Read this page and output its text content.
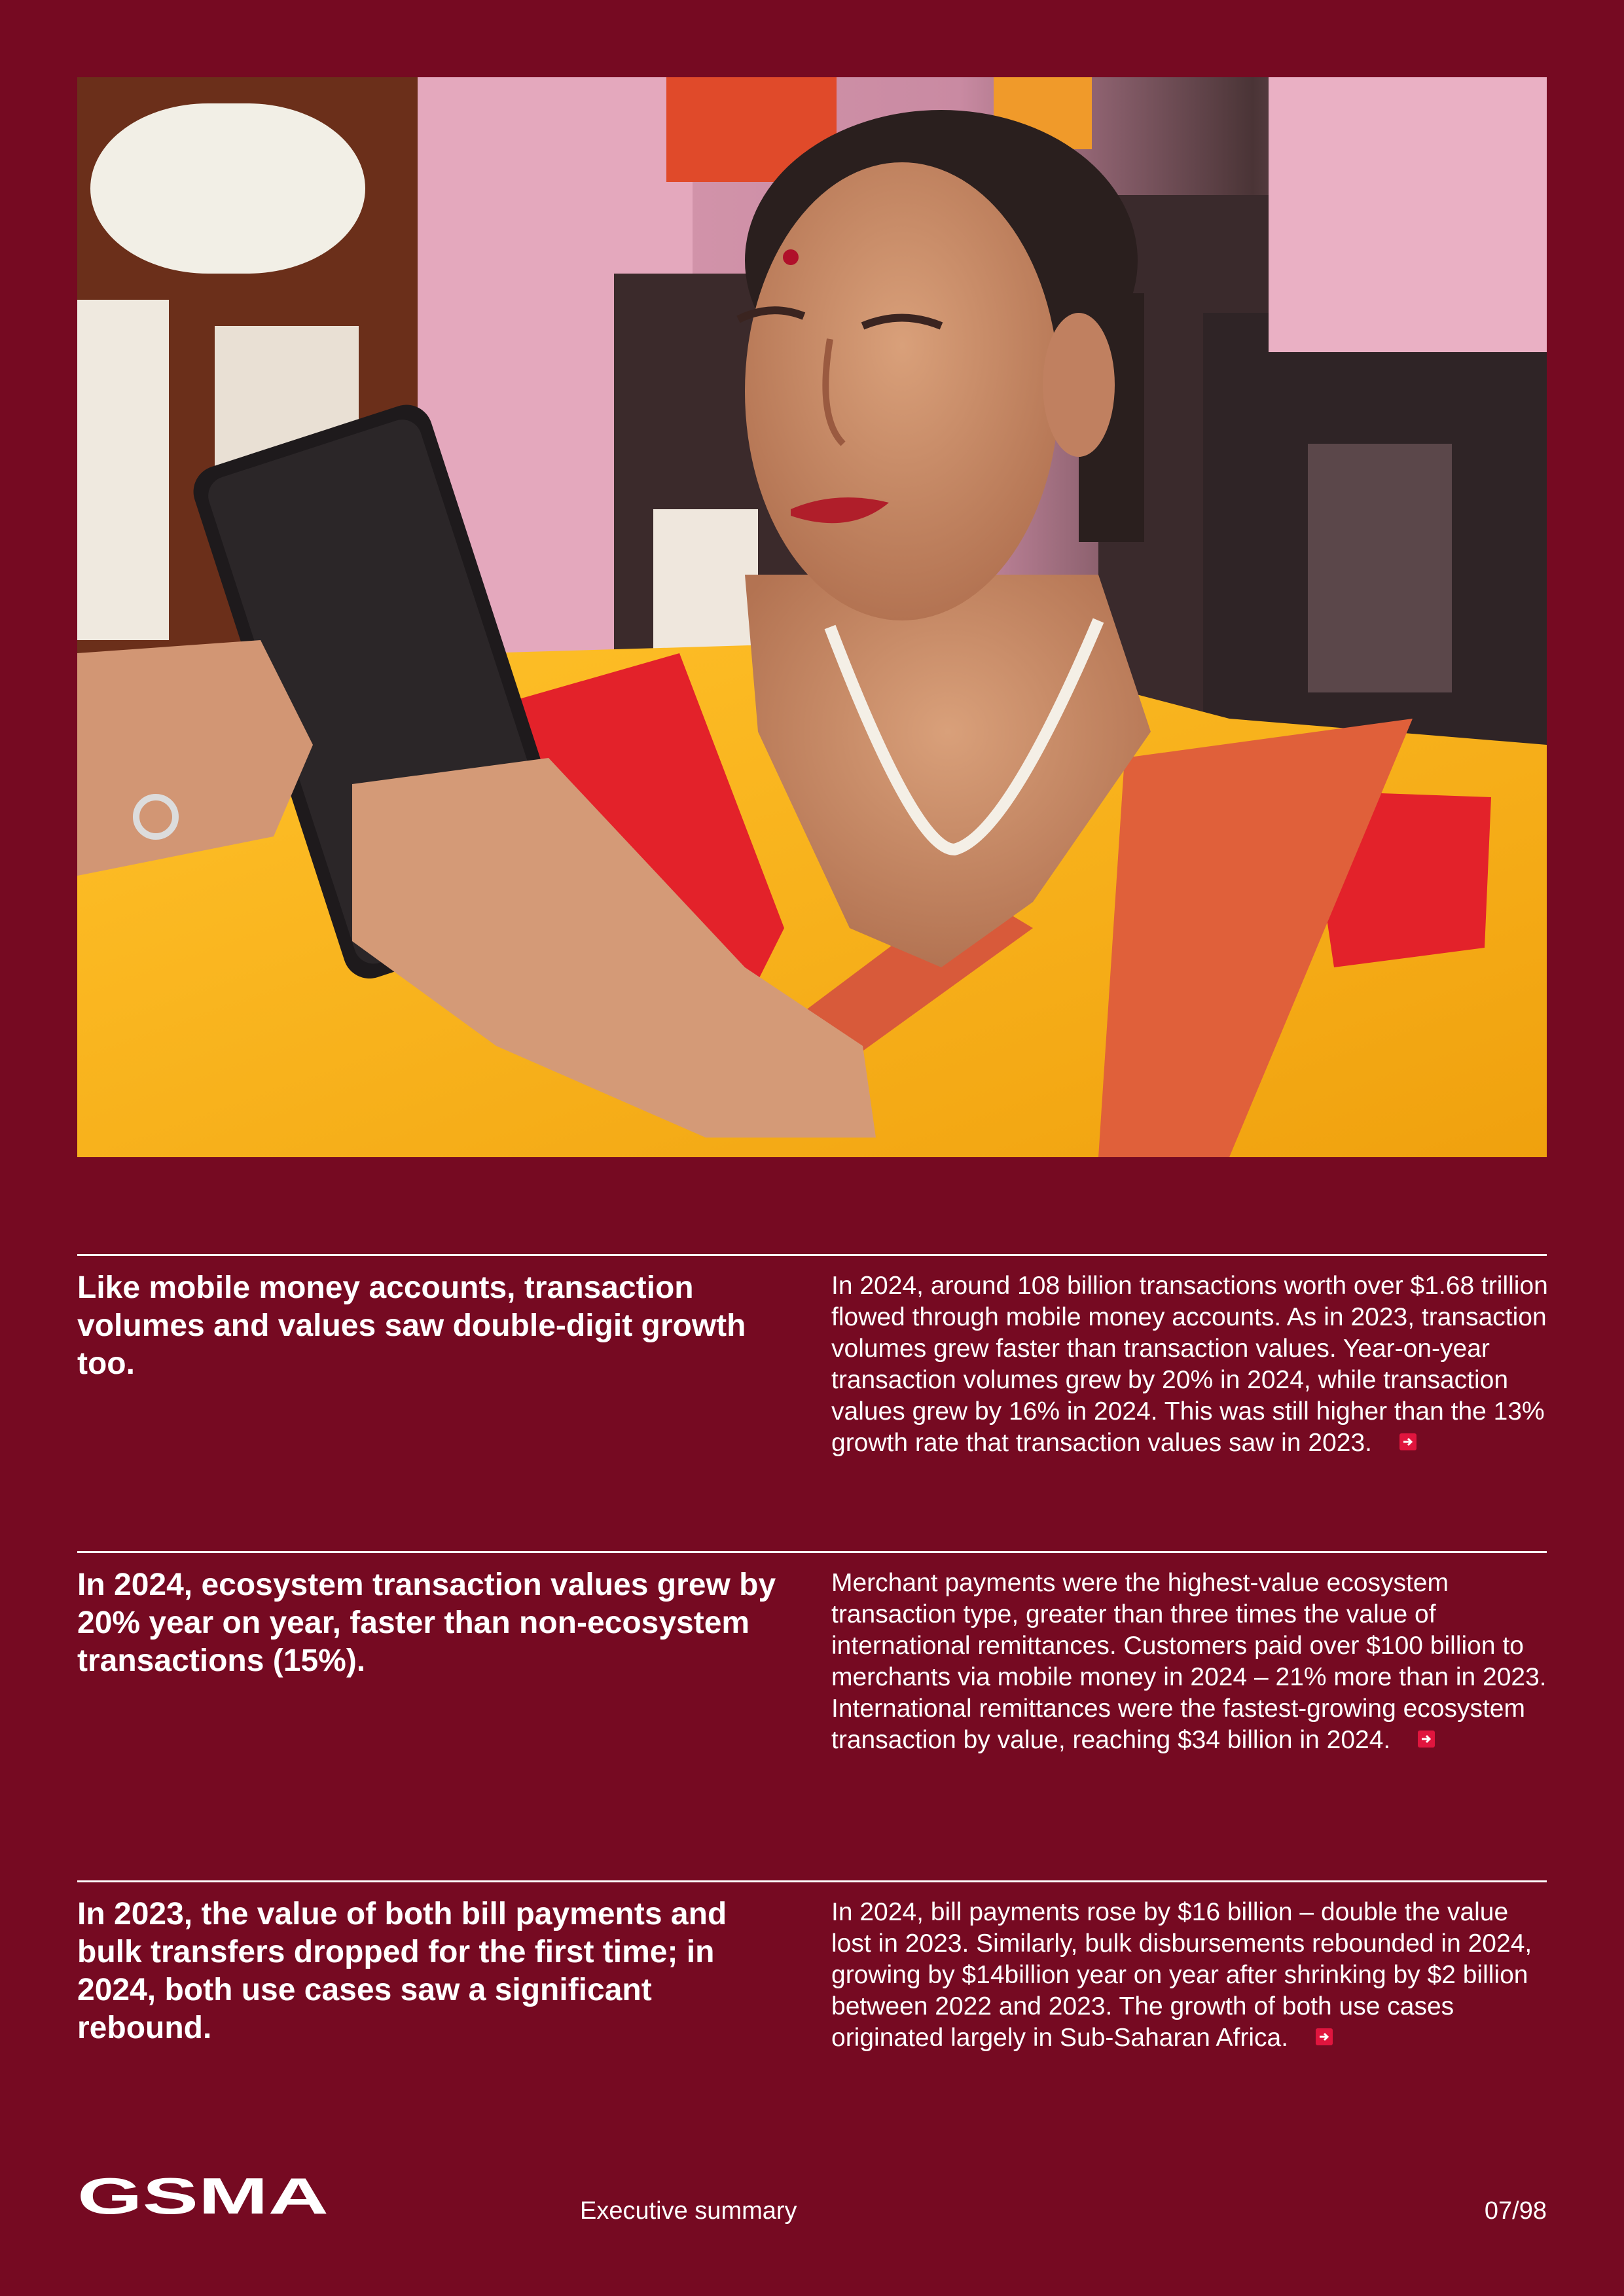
Like mobile money accounts, transaction volumes and values saw double-digit growth too.

In 2024, around 108 billion transactions worth over $1.68 trillion flowed through mobile money accounts. As in 2023, transaction volumes grew faster than transaction values. Year-on-year transaction volumes grew by 20% in 2024, while transaction values grew by 16% in 2024. This was still higher than the 13% growth rate that transaction values saw in 2023.

In 2024, ecosystem transaction values grew by 20% year on year, faster than non-ecosystem transactions (15%).

Merchant payments were the highest-value ecosystem transaction type, greater than three times the value of international remittances. Customers paid over $100 billion to merchants via mobile money in 2024 – 21% more than in 2023. International remittances were the fastest-growing ecosystem transaction by value, reaching $34 billion in 2024.

In 2023, the value of both bill payments and bulk transfers dropped for the first time; in 2024, both use cases saw a significant rebound.

In 2024, bill payments rose by $16 billion – double the value lost in 2023. Similarly, bulk disbursements rebounded in 2024, growing by $14billion year on year after shrinking by $2 billion between 2022 and 2023. The growth of both use cases originated largely in Sub-Saharan Africa.

GSMA	Executive summary	07/98
